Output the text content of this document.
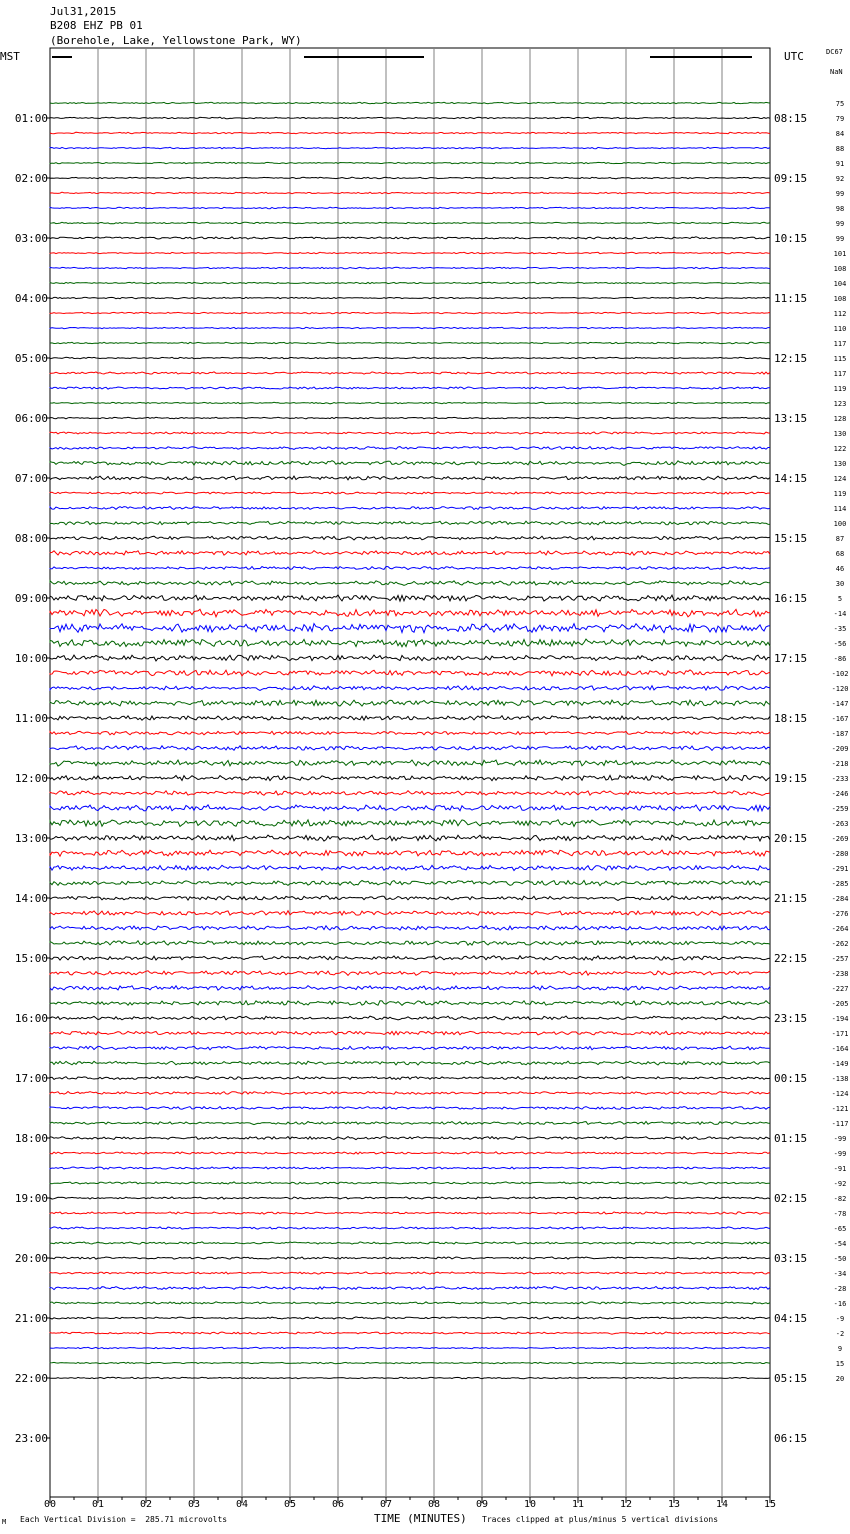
Jul31,2015
B208 EHZ PB 01
(Borehole, Lake, Yellowstone Park, WY)
MST	UTC	DC67
NaN
00	01	02	03	04	05	06	07	08	09	10	11	12	13	14	15
75
79
84
88
91
92
99
98
99
99
101
108
104
108
112
110
117
115
117
119
123
128
130
122
130
124
119
114
100
87
68
46
30
5
-14
-35
-56
-86
-102
-120
-147
-167
-187
-209
-218
-233
-246
-259
-263
-269
-280
-291
-285
-284
-276
-264
-262
-257
-238
-227
-205
-194
-171
-164
-149
-138
-124
-121
-117
-99
-99
-91
-92
-82
-78
-65
-54
-50
-34
-28
-16
-9
-2
9
15
20
01:00
02:00
03:00
04:00
05:00
06:00
07:00
08:00
09:00
10:00
11:00
12:00
13:00
14:00
15:00
16:00
17:00
18:00
19:00
20:00
21:00
22:00
23:00
08:15
09:15
10:15
11:15
12:15
13:15
14:15
15:15
16:15
17:15
18:15
19:15
20:15
21:15
22:15
23:15
00:15
01:15
02:15
03:15
04:15
05:15
06:15
M Each Vertical Division =  285.71 microvolts	TIME (MINUTES) Traces clipped at plus/minus 5 vertical divisions
